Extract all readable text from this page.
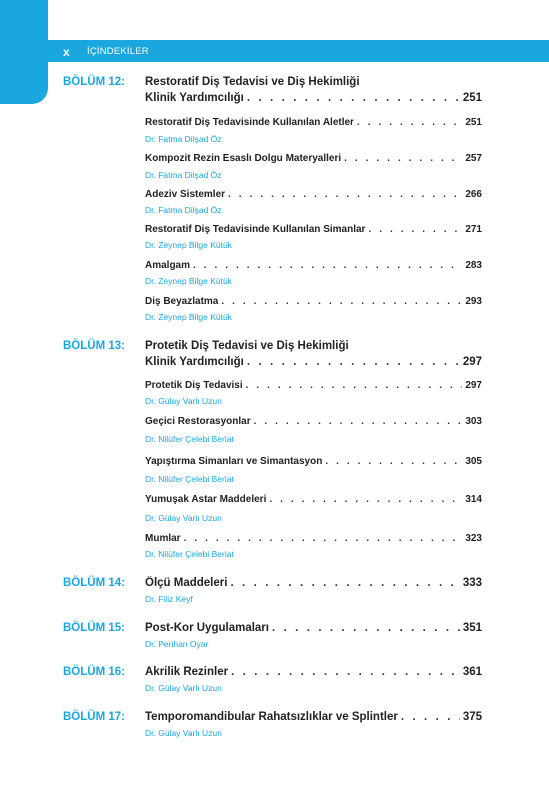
x İÇİNDEKİLER
BÖLÜM 12:	Restoratif Diş Tedavisi ve Diş Hekimliği
Klinik Yardımcılığı . . .	251
Restoratif Diş Tedavisinde Kullanılan Aletler . . .	251
Dr. Fatma Dilşad Öz
Kompozit Rezin Esaslı Dolgu Materyalleri . . .	257
Dr. Fatma Dilşad Öz
Adeziv Sistemler . . .	266
Dr. Fatma Dilşad Öz
Restoratif Diş Tedavisinde Kullanılan Simanlar . . .	271
Dr. Zeynep Bilge Kütük
Amalgam . . .	283
Dr. Zeynep Bilge Kütük
Diş Beyazlatma . . .	293
Dr. Zeynep Bilge Kütük
BÖLÜM 13:	Protetik Diş Tedavisi ve Diş Hekimliği
Klinik Yardımcılığı . . .	297
Protetik Diş Tedavisi . . .	297
Dr. Gülay Varlı Uzun
Geçici Restorasyonlar . . .	303
Dr. Nilüfer Çelebi Beriat
Yapıştırma Simanları ve Simantasyon . . .	305
Dr. Nilüfer Çelebi Beriat
Yumuşak Astar Maddeleri . . .	314
Dr. Gülay Varlı Uzun
Mumlar . . .	323
Dr. Nilüfer Çelebi Beriat
BÖLÜM 14:	Ölçü Maddeleri . . .	333
Dr. Filiz Keyf
BÖLÜM 15:	Post-Kor Uygulamaları . . .	351
Dr. Perihan Oyar
BÖLÜM 16:	Akrilik Rezinler . . .	361
Dr. Gülay Varlı Uzun
BÖLÜM 17:	Temporomandibular Rahatsızlıklar ve Splintler . . .	375
Dr. Gülay Varlı Uzun
